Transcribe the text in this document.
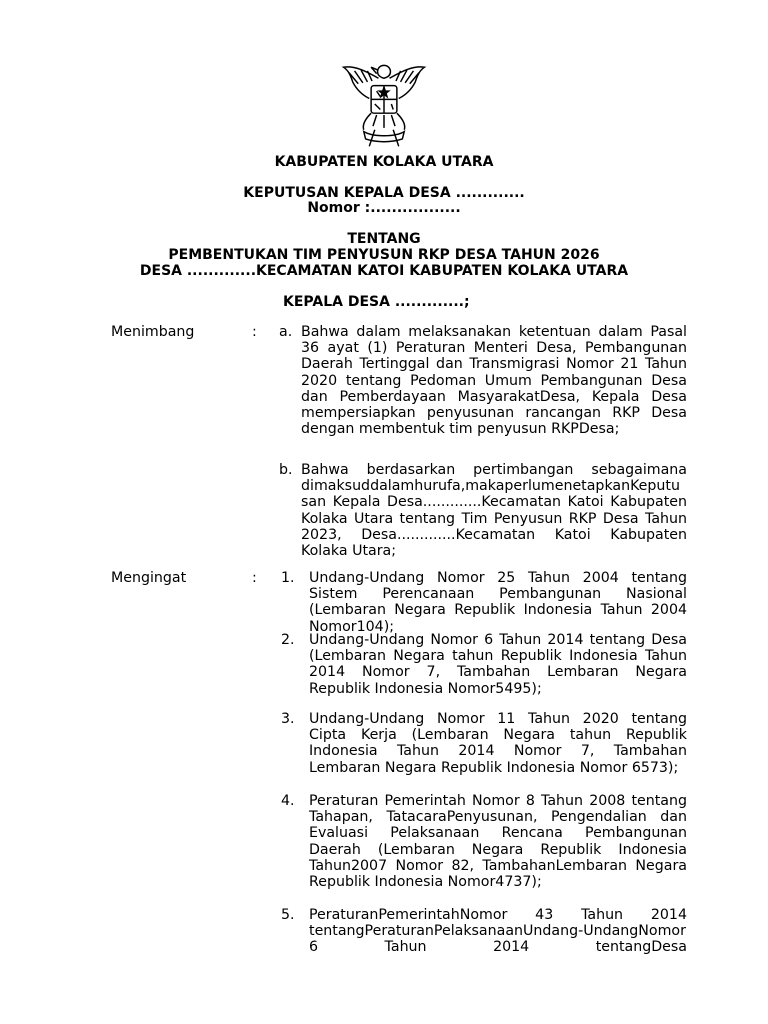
KABUPATEN KOLAKA UTARA
KEPUTUSAN KEPALA DESA .............
Nomor :.................
TENTANG
PEMBENTUKAN TIM PENYUSUN RKP DESA TAHUN 2026
DESA .............KECAMATAN KATOI KABUPATEN KOLAKA UTARA
KEPALA DESA .............;
Menimbang	: a. Bahwa dalam melaksanakan ketentuan dalam Pasal 36 ayat (1) Peraturan Menteri Desa, Pembangunan Daerah Tertinggal dan Transmigrasi Nomor 21 Tahun 2020 tentang Pedoman Umum Pembangunan Desa dan Pemberdayaan MasyarakatDesa, Kepala Desa mempersiapkan penyusunan rancangan RKP Desa dengan membentuk tim penyusun RKPDesa;
b. Bahwa berdasarkan pertimbangan sebagaimana dimaksuddalamhurufa,makaperlumenetapkanKeputusan Kepala Desa.............Kecamatan Katoi Kabupaten Kolaka Utara tentang Tim Penyusun RKP Desa Tahun 2023, Desa.............Kecamatan Katoi Kabupaten Kolaka Utara;
Mengingat	: 1. Undang-Undang Nomor 25 Tahun 2004 tentang Sistem Perencanaan Pembangunan Nasional (Lembaran Negara Republik Indonesia Tahun 2004 Nomor104);
2. Undang-Undang Nomor 6 Tahun 2014 tentang Desa (Lembaran Negara tahun Republik Indonesia Tahun 2014 Nomor 7, Tambahan Lembaran Negara Republik Indonesia Nomor5495);
3. Undang-Undang Nomor 11 Tahun 2020 tentang Cipta Kerja (Lembaran Negara tahun Republik Indonesia Tahun 2014 Nomor 7, Tambahan Lembaran Negara Republik Indonesia Nomor 6573);
4. Peraturan Pemerintah Nomor 8 Tahun 2008 tentang Tahapan, TatacaraPenyusunan, Pengendalian dan Evaluasi Pelaksanaan Rencana Pembangunan Daerah (Lembaran Negara Republik Indonesia Tahun2007 Nomor 82, TambahanLembaran Negara Republik Indonesia Nomor4737);
5. PeraturanPemerintahNomor 43 Tahun 2014 tentangPeraturanPelaksanaanUndang-UndangNomor 6 Tahun 2014 tentangDesa
